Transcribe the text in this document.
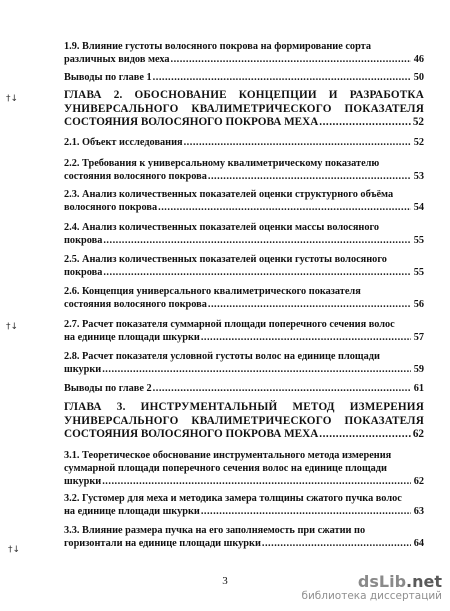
1.9. Влияние густоты волосяного покрова на формирование сорта
различных видов меха .....	46
Выводы по главе 1 .....	50
ГЛАВА 2. ОБОСНОВАНИЕ КОНЦЕПЦИИ И РАЗРАБОТКА
УНИВЕРСАЛЬНОГО КВАЛИМЕТРИЧЕСКОГО ПОКАЗАТЕЛЯ
СОСТОЯНИЯ ВОЛОСЯНОГО ПОКРОВА МЕХА .....	52
2.1. Объект исследования .....	52
2.2. Требования к универсальному квалиметрическому показателю
состояния волосяного покрова .....	53
2.3. Анализ количественных показателей оценки структурного объёма
волосяного покрова .....	54
2.4. Анализ количественных показателей оценки массы волосяного
покрова .....	55
2.5. Анализ количественных показателей оценки густоты волосяного
покрова .....	55
2.6. Концепция универсального квалиметрического показателя
состояния волосяного покрова .....	56
2.7. Расчет показателя суммарной площади поперечного сечения волос
на единице площади шкурки .....	57
2.8. Расчет показателя условной густоты волос на единице площади
шкурки .....	59
Выводы по главе 2 .....	61
ГЛАВА 3. ИНСТРУМЕНТАЛЬНЫЙ МЕТОД ИЗМЕРЕНИЯ
УНИВЕРСАЛЬНОГО КВАЛИМЕТРИЧЕСКОГО ПОКАЗАТЕЛЯ
СОСТОЯНИЯ ВОЛОСЯНОГО ПОКРОВА МЕХА .....	62
3.1. Теоретическое обоснование инструментального метода измерения
суммарной площади поперечного сечения волос на единице площади
шкурки .....	62
3.2. Густомер для меха и методика замера толщины сжатого пучка волос
на единице площади шкурки .....	63
3.3. Влияние размера пучка на его заполняемость при сжатии по
горизонтали на единице площади шкурки .....	64
†↓
†↓
†↓
3	dsLib.net
библиотека диссертаций
